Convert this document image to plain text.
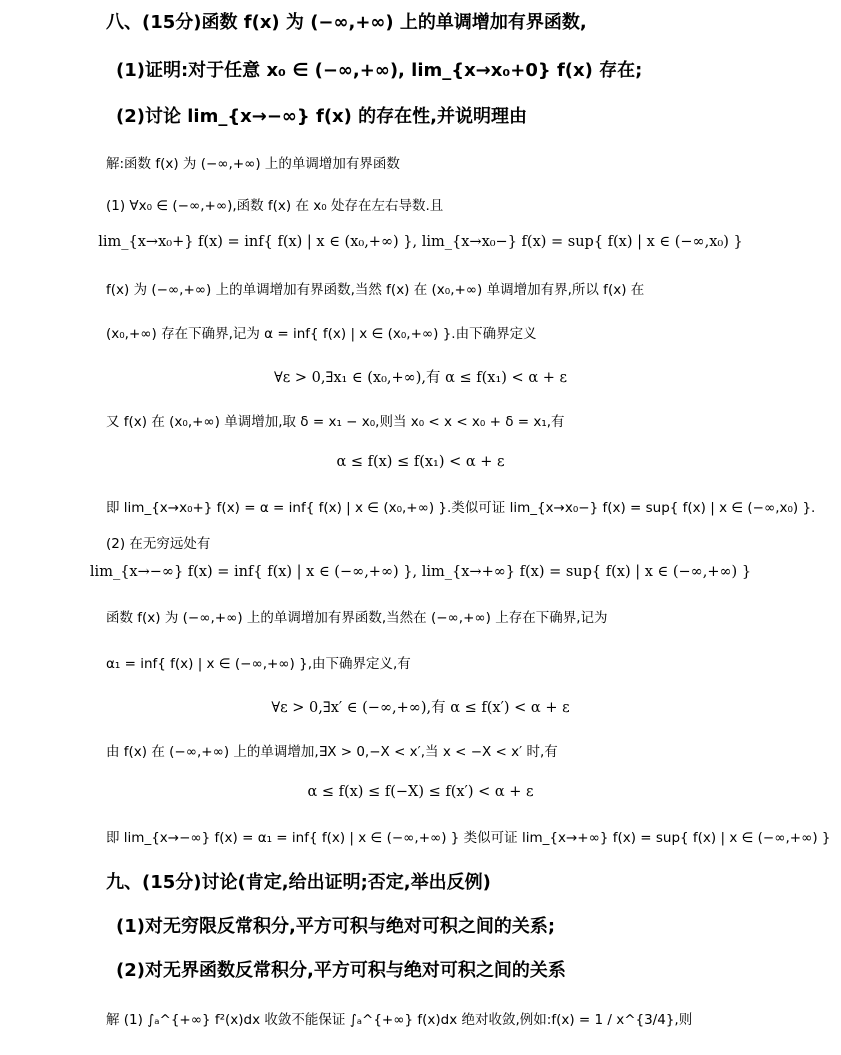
八、(15分)函数 f(x) 为 (−∞,+∞) 上的单调增加有界函数,
(1)证明:对于任意 x₀ ∈ (−∞,+∞), lim_{x→x₀+0} f(x) 存在;
(2)讨论 lim_{x→−∞} f(x) 的存在性,并说明理由
解:函数 f(x) 为 (−∞,+∞) 上的单调增加有界函数
(1) ∀x₀ ∈ (−∞,+∞),函数 f(x) 在 x₀ 处存在左右导数.且
lim_{x→x₀+} f(x) = inf{ f(x) | x ∈ (x₀,+∞) }, lim_{x→x₀−} f(x) = sup{ f(x) | x ∈ (−∞,x₀) }
f(x) 为 (−∞,+∞) 上的单调增加有界函数,当然 f(x) 在 (x₀,+∞) 单调增加有界,所以 f(x) 在
(x₀,+∞) 存在下确界,记为 α = inf{ f(x) | x ∈ (x₀,+∞) }.由下确界定义
∀ε > 0,∃x₁ ∈ (x₀,+∞),有 α ≤ f(x₁) < α + ε
又 f(x) 在 (x₀,+∞) 单调增加,取 δ = x₁ − x₀,则当 x₀ < x < x₀ + δ = x₁,有
α ≤ f(x) ≤ f(x₁) < α + ε
即 lim_{x→x₀+} f(x) = α = inf{ f(x) | x ∈ (x₀,+∞) }.类似可证 lim_{x→x₀−} f(x) = sup{ f(x) | x ∈ (−∞,x₀) }.
(2) 在无穷远处有
lim_{x→−∞} f(x) = inf{ f(x) | x ∈ (−∞,+∞) }, lim_{x→+∞} f(x) = sup{ f(x) | x ∈ (−∞,+∞) }
函数 f(x) 为 (−∞,+∞) 上的单调增加有界函数,当然在 (−∞,+∞) 上存在下确界,记为
α₁ = inf{ f(x) | x ∈ (−∞,+∞) },由下确界定义,有
∀ε > 0,∃x′ ∈ (−∞,+∞),有 α ≤ f(x′) < α + ε
由 f(x) 在 (−∞,+∞) 上的单调增加,∃X > 0,−X < x′,当 x < −X < x′ 时,有
α ≤ f(x) ≤ f(−X) ≤ f(x′) < α + ε
即 lim_{x→−∞} f(x) = α₁ = inf{ f(x) | x ∈ (−∞,+∞) } 类似可证 lim_{x→+∞} f(x) = sup{ f(x) | x ∈ (−∞,+∞) }
九、(15分)讨论(肯定,给出证明;否定,举出反例)
(1)对无穷限反常积分,平方可积与绝对可积之间的关系;
(2)对无界函数反常积分,平方可积与绝对可积之间的关系
解 (1) ∫ₐ^{+∞} f²(x)dx 收敛不能保证 ∫ₐ^{+∞} f(x)dx 绝对收敛,例如:f(x) = 1 / x^{3/4},则
